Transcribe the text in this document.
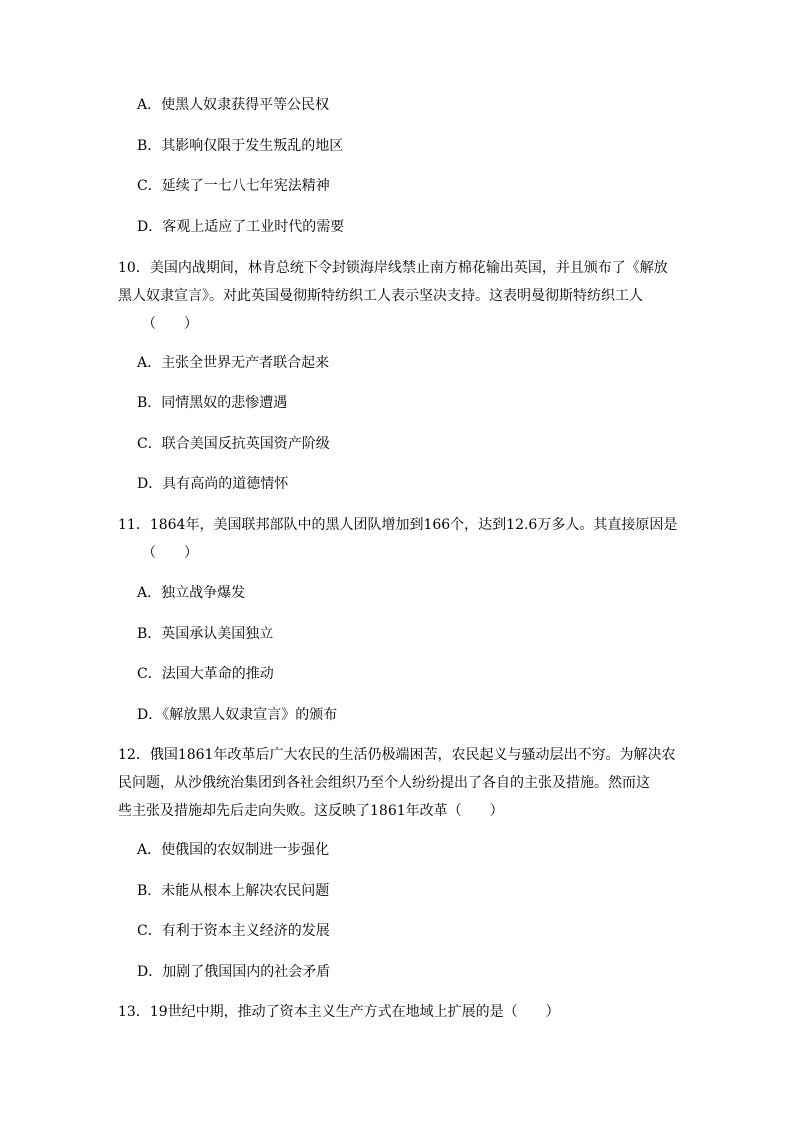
A．使黑人奴隶获得平等公民权
B．其影响仅限于发生叛乱的地区
C．延续了一七八七年宪法精神
D．客观上适应了工业时代的需要
10．美国内战期间，林肯总统下令封锁海岸线禁止南方棉花输出英国，并且颁布了《解放
黑人奴隶宣言》。对此英国曼彻斯特纺织工人表示坚决支持。这表明曼彻斯特纺织工人
（　　）
A．主张全世界无产者联合起来
B．同情黑奴的悲惨遭遇
C．联合美国反抗英国资产阶级
D．具有高尚的道德情怀
11．1864年，美国联邦部队中的黑人团队增加到166个，达到12.6万多人。其直接原因是
（　　）
A．独立战争爆发
B．英国承认美国独立
C．法国大革命的推动
D．《解放黑人奴隶宣言》的颁布
12．俄国1861年改革后广大农民的生活仍极端困苦，农民起义与骚动层出不穷。为解决农
民问题，从沙俄统治集团到各社会组织乃至个人纷纷提出了各自的主张及措施。然而这
些主张及措施却先后走向失败。这反映了1861年改革（　　）
A．使俄国的农奴制进一步强化
B．未能从根本上解决农民问题
C．有利于资本主义经济的发展
D．加剧了俄国国内的社会矛盾
13．19世纪中期，推动了资本主义生产方式在地域上扩展的是（　　）
